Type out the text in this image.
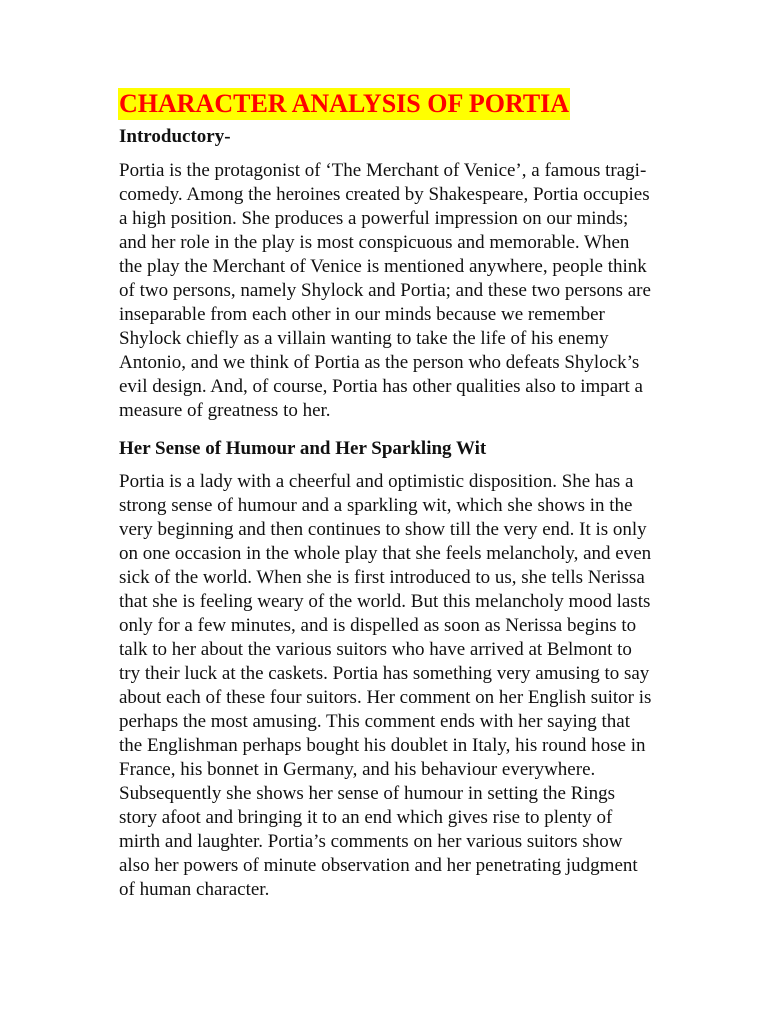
CHARACTER ANALYSIS OF PORTIA
Introductory-
Portia is the protagonist of ‘The Merchant of Venice’, a famous tragi-
comedy. Among the heroines created by Shakespeare, Portia occupies
a high position. She produces a powerful impression on our minds;
and her role in the play is most conspicuous and memorable. When
the play the Merchant of Venice is mentioned anywhere, people think
of two persons, namely Shylock and Portia; and these two persons are
inseparable from each other in our minds because we remember
Shylock chiefly as a villain wanting to take the life of his enemy
Antonio, and we think of Portia as the person who defeats Shylock’s
evil design. And, of course, Portia has other qualities also to impart a
measure of greatness to her.
Her Sense of Humour and Her Sparkling Wit
Portia is a lady with a cheerful and optimistic disposition. She has a
strong sense of humour and a sparkling wit, which she shows in the
very beginning and then continues to show till the very end. It is only
on one occasion in the whole play that she feels melancholy, and even
sick of the world. When she is first introduced to us, she tells Nerissa
that she is feeling weary of the world. But this melancholy mood lasts
only for a few minutes, and is dispelled as soon as Nerissa begins to
talk to her about the various suitors who have arrived at Belmont to
try their luck at the caskets. Portia has something very amusing to say
about each of these four suitors. Her comment on her English suitor is
perhaps the most amusing. This comment ends with her saying that
the Englishman perhaps bought his doublet in Italy, his round hose in
France, his bonnet in Germany, and his behaviour everywhere.
Subsequently she shows her sense of humour in setting the Rings
story afoot and bringing it to an end which gives rise to plenty of
mirth and laughter. Portia’s comments on her various suitors show
also her powers of minute observation and her penetrating judgment
of human character.
